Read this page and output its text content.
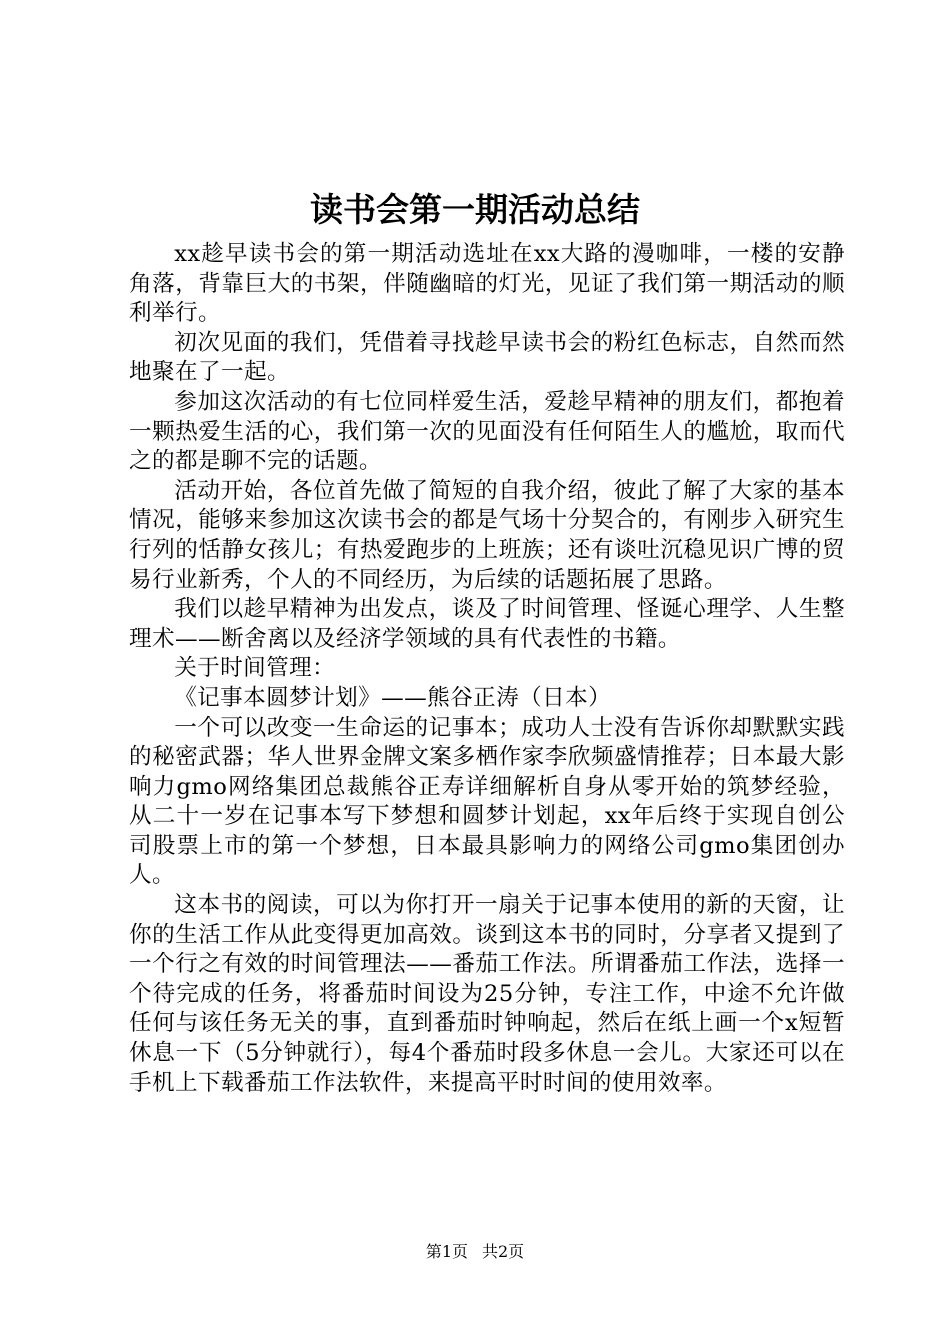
读书会第一期活动总结

xx趁早读书会的第一期活动选址在xx大路的漫咖啡，一楼的安静角落，背靠巨大的书架，伴随幽暗的灯光，见证了我们第一期活动的顺利举行。

初次见面的我们，凭借着寻找趁早读书会的粉红色标志，自然而然地聚在了一起。

参加这次活动的有七位同样爱生活，爱趁早精神的朋友们，都抱着一颗热爱生活的心，我们第一次的见面没有任何陌生人的尴尬，取而代之的都是聊不完的话题。

活动开始，各位首先做了简短的自我介绍，彼此了解了大家的基本情况，能够来参加这次读书会的都是气场十分契合的，有刚步入研究生行列的恬静女孩儿；有热爱跑步的上班族；还有谈吐沉稳见识广博的贸易行业新秀，个人的不同经历，为后续的话题拓展了思路。

我们以趁早精神为出发点，谈及了时间管理、怪诞心理学、人生整理术——断舍离以及经济学领域的具有代表性的书籍。

关于时间管理：

《记事本圆梦计划》——熊谷正涛（日本）

一个可以改变一生命运的记事本；成功人士没有告诉你却默默实践的秘密武器；华人世界金牌文案多栖作家李欣频盛情推荐；日本最大影响力gmo网络集团总裁熊谷正寿详细解析自身从零开始的筑梦经验，从二十一岁在记事本写下梦想和圆梦计划起，xx年后终于实现自创公司股票上市的第一个梦想，日本最具影响力的网络公司gmo集团创办人。

这本书的阅读，可以为你打开一扇关于记事本使用的新的天窗，让你的生活工作从此变得更加高效。谈到这本书的同时，分享者又提到了一个行之有效的时间管理法——番茄工作法。所谓番茄工作法，选择一个待完成的任务，将番茄时间设为25分钟，专注工作，中途不允许做任何与该任务无关的事，直到番茄时钟响起，然后在纸上画一个x短暂休息一下（5分钟就行），每4个番茄时段多休息一会儿。大家还可以在手机上下载番茄工作法软件，来提高平时时间的使用效率。

第1页 共2页
